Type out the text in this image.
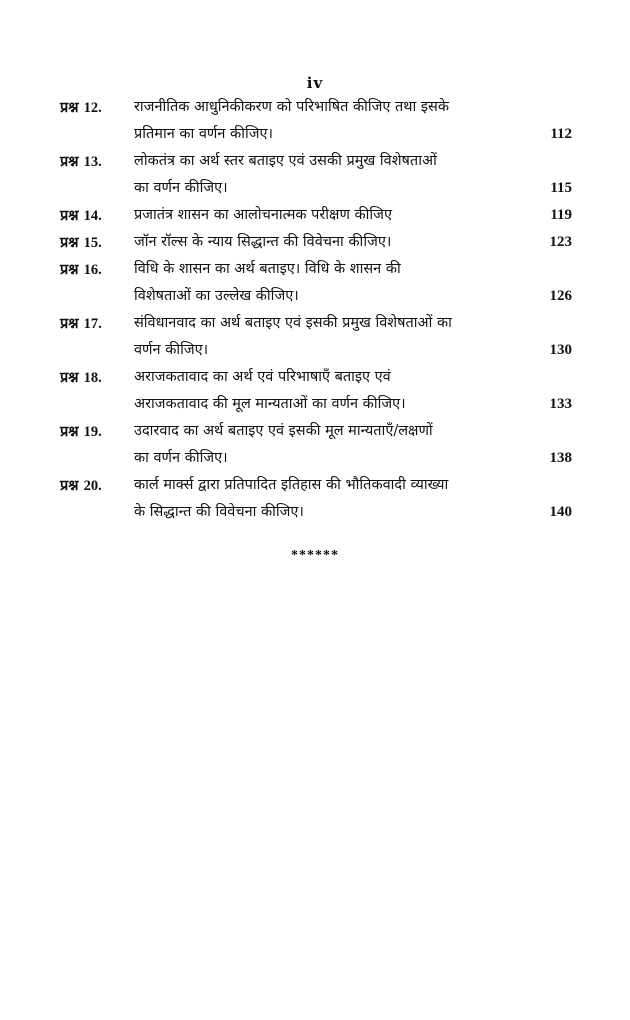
iv
प्रश्न 12. राजनीतिक आधुनिकीकरण को परिभाषित कीजिए तथा इसके
प्रतिमान का वर्णन कीजिए।	112
प्रश्न 13. लोकतंत्र का अर्थ स्तर बताइए एवं उसकी प्रमुख विशेषताओं
का वर्णन कीजिए।	115
प्रश्न 14. प्रजातंत्र शासन का आलोचनात्मक परीक्षण कीजिए	119
प्रश्न 15. जॉन रॉल्स के न्याय सिद्धान्त की विवेचना कीजिए।	123
प्रश्न 16. विधि के शासन का अर्थ बताइए। विधि के शासन की
विशेषताओं का उल्लेख कीजिए।	126
प्रश्न 17. संविधानवाद का अर्थ बताइए एवं इसकी प्रमुख विशेषताओं का
वर्णन कीजिए।	130
प्रश्न 18. अराजकतावाद का अर्थ एवं परिभाषाएँ बताइए एवं
अराजकतावाद की मूल मान्यताओं का वर्णन कीजिए।	133
प्रश्न 19. उदारवाद का अर्थ बताइए एवं इसकी मूल मान्यताएँ/लक्षणों
का वर्णन कीजिए।	138
प्रश्न 20. कार्ल मार्क्स द्वारा प्रतिपादित इतिहास की भौतिकवादी व्याख्या
के सिद्धान्त की विवेचना कीजिए।	140
******
